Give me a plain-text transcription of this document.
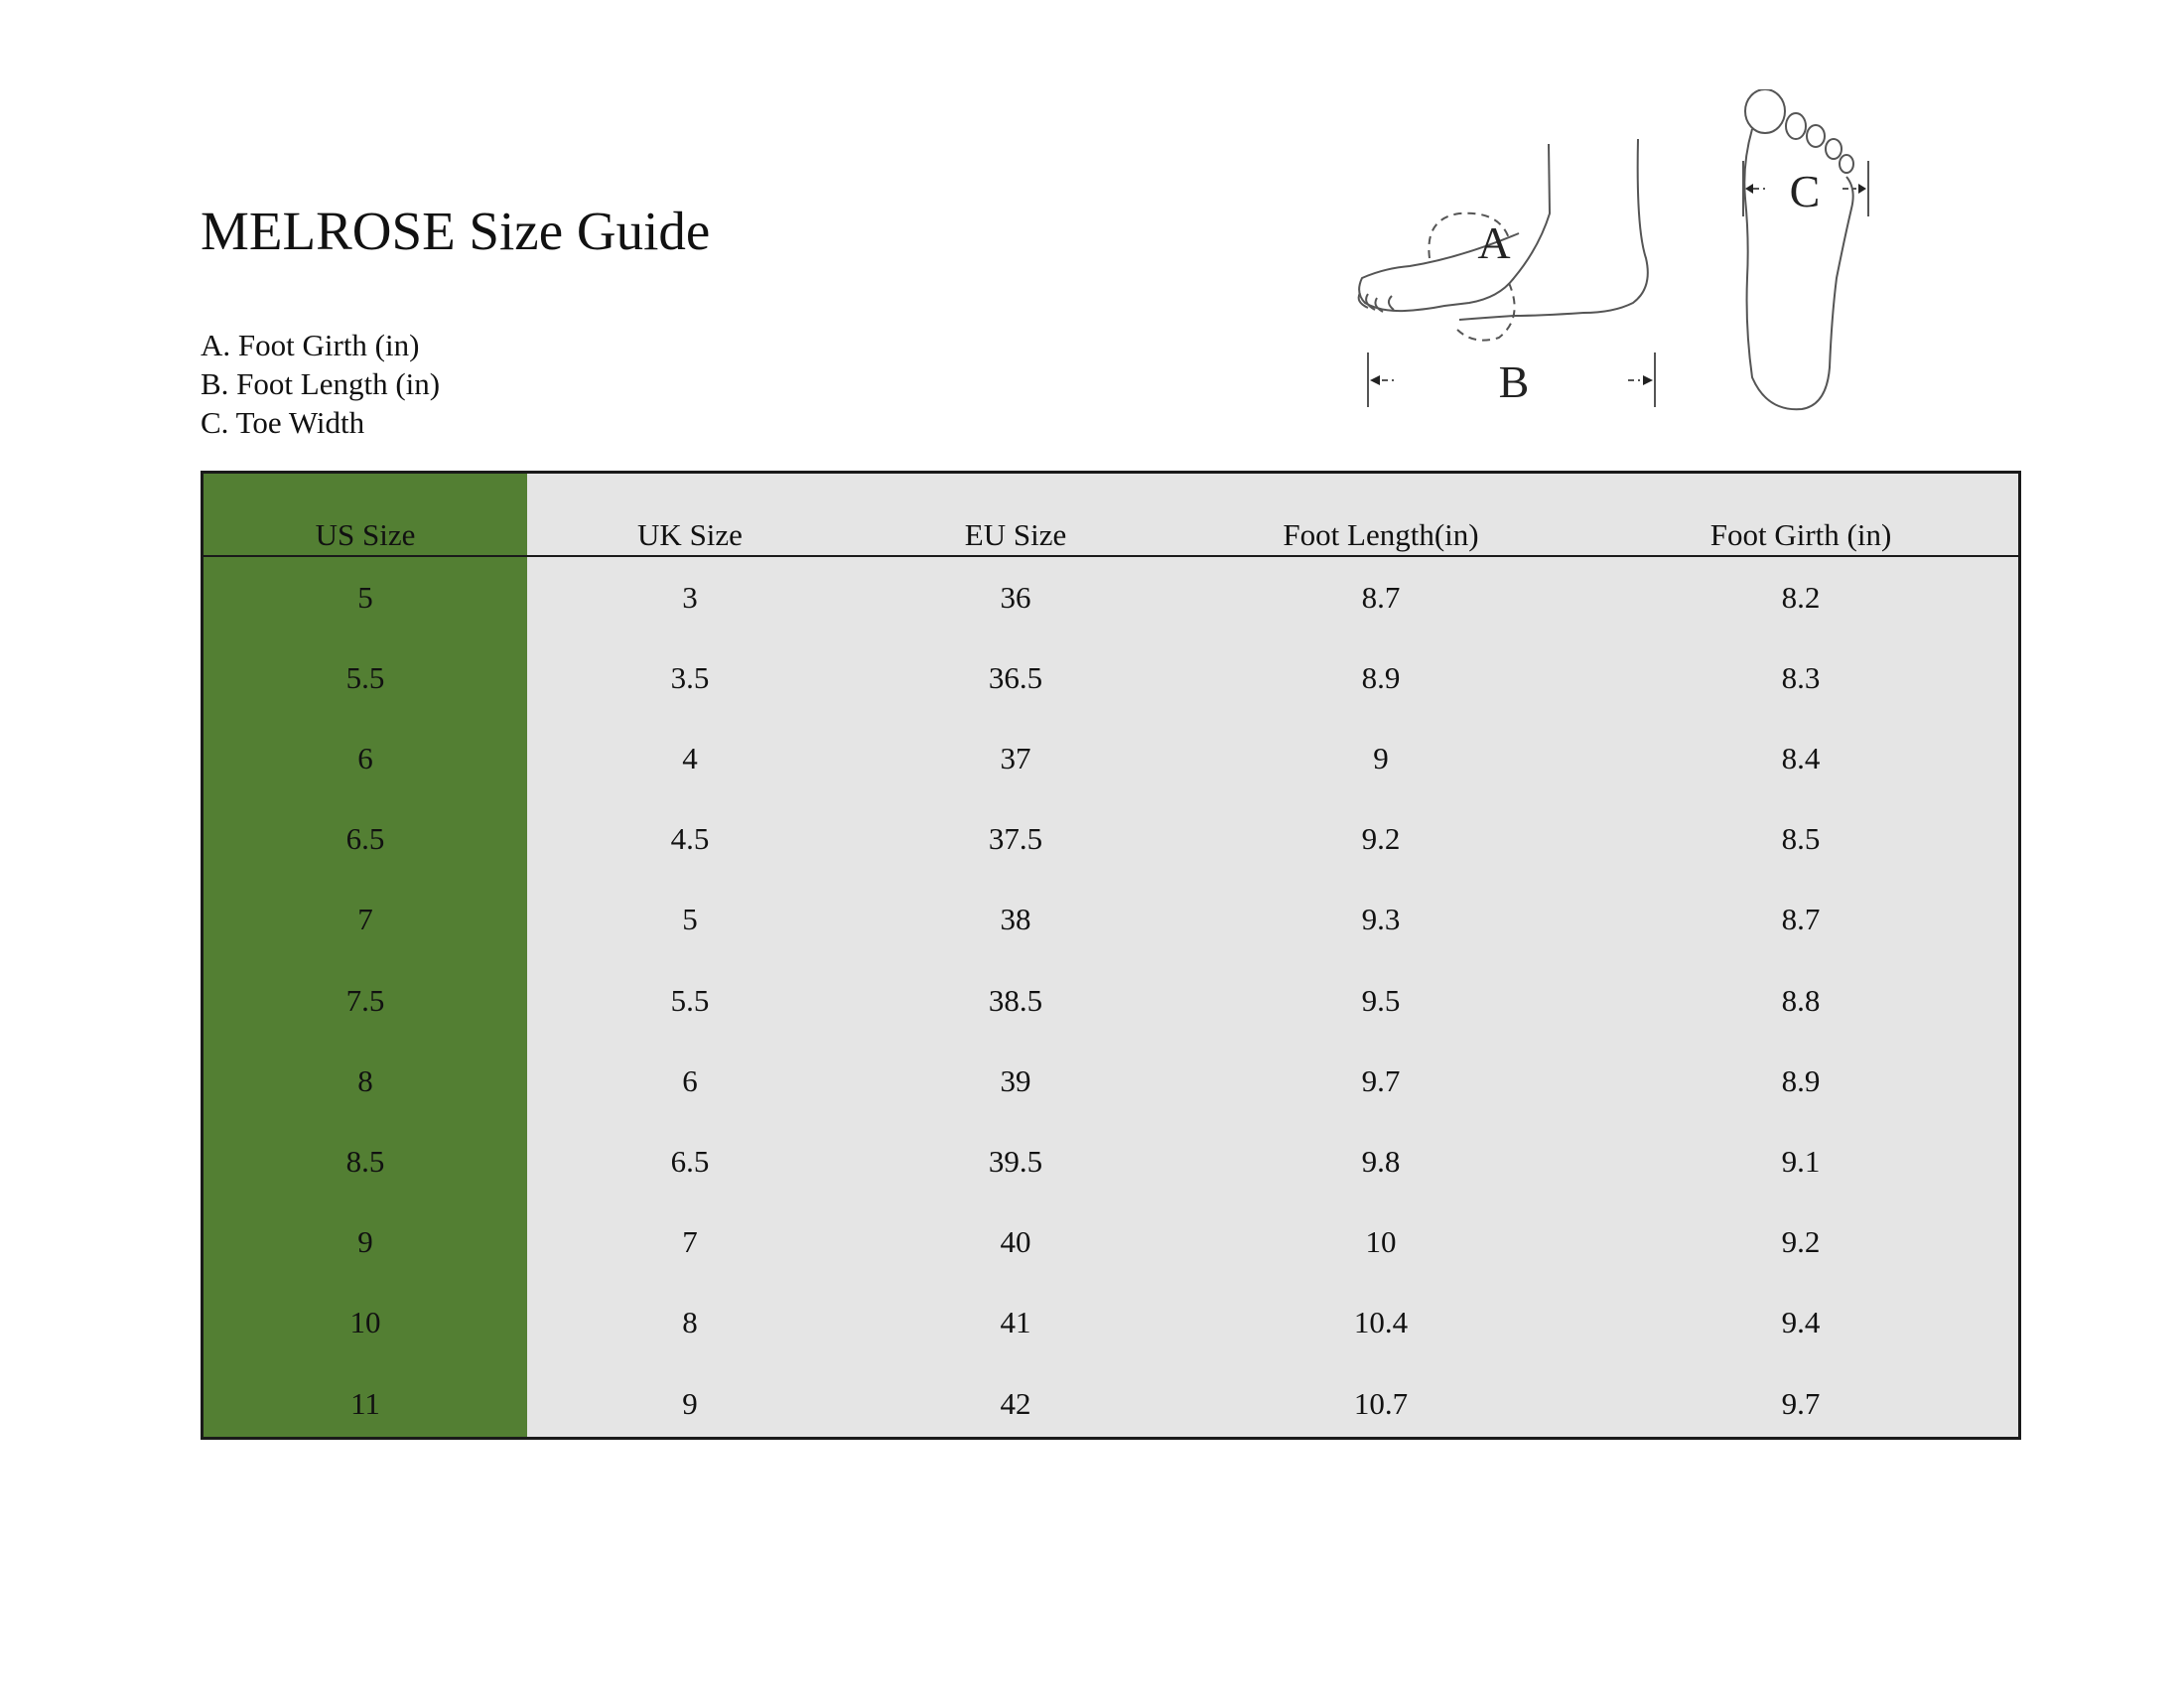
MELROSE Size Guide
A. Foot Girth (in)
B. Foot Length (in)
C. Toe Width
A
B
C
US Size	UK Size	EU Size	Foot Length(in)	Foot Girth (in)
5	3	36	8.7	8.2
5.5	3.5	36.5	8.9	8.3
6	4	37	9	8.4
6.5	4.5	37.5	9.2	8.5
7	5	38	9.3	8.7
7.5	5.5	38.5	9.5	8.8
8	6	39	9.7	8.9
8.5	6.5	39.5	9.8	9.1
9	7	40	10	9.2
10	8	41	10.4	9.4
11	9	42	10.7	9.7
